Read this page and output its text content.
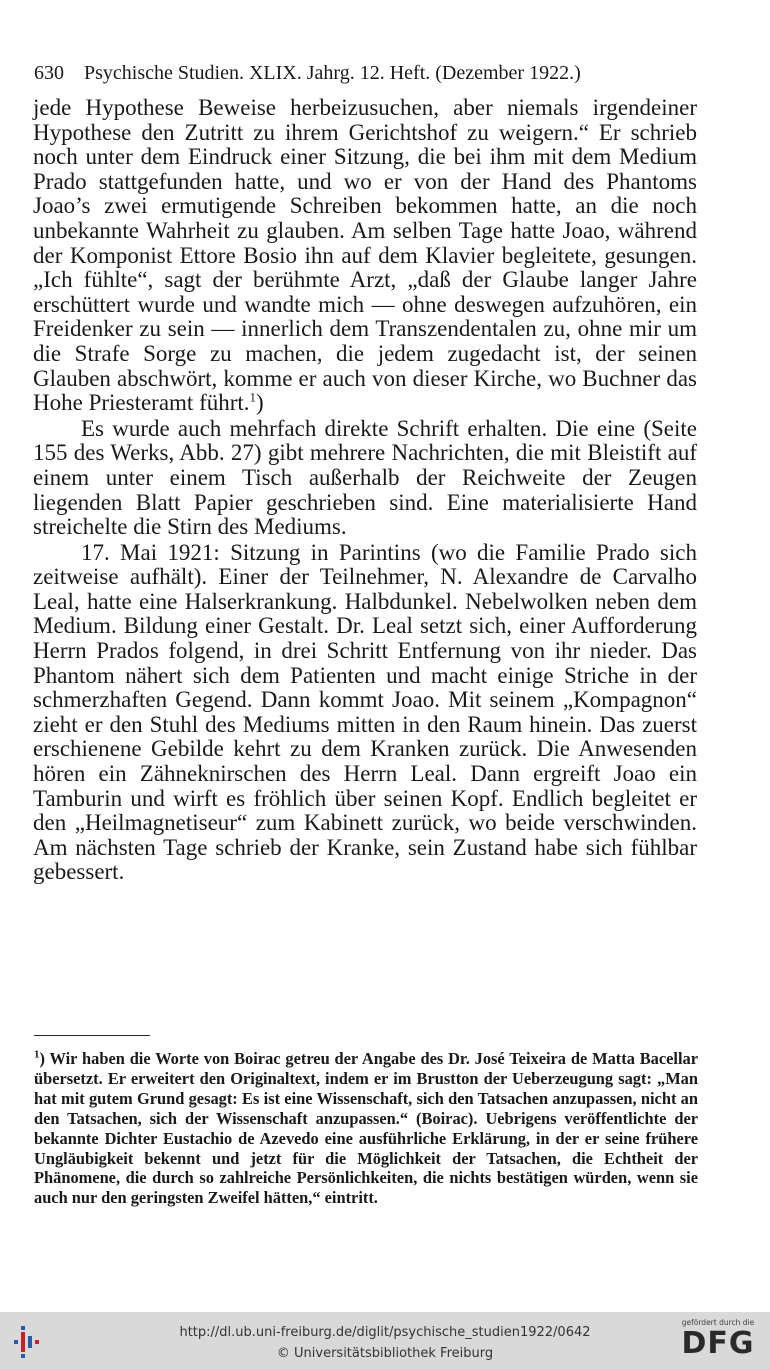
630 Psychische Studien. XLIX. Jahrg. 12. Heft. (Dezember 1922.)

jede Hypothese Beweise herbeizusuchen, aber niemals irgendeiner Hypothese den Zutritt zu ihrem Gerichtshof zu weigern.“ Er schrieb noch unter dem Eindruck einer Sitzung, die bei ihm mit dem Medium Prado stattgefunden hatte, und wo er von der Hand des Phantoms Joao’s zwei ermutigende Schreiben bekommen hatte, an die noch unbekannte Wahrheit zu glauben. Am selben Tage hatte Joao, während der Komponist Ettore Bosio ihn auf dem Klavier begleitete, gesungen. „Ich fühlte“, sagt der berühmte Arzt, „daß der Glaube langer Jahre erschüttert wurde und wandte mich — ohne deswegen aufzuhören, ein Freidenker zu sein — innerlich dem Transzendentalen zu, ohne mir um die Strafe Sorge zu machen, die jedem zugedacht ist, der seinen Glauben abschwört, komme er auch von dieser Kirche, wo Buchner das Hohe Priesteramt führt.$^1$)

Es wurde auch mehrfach direkte Schrift erhalten. Die eine (Seite 155 des Werks, Abb. 27) gibt mehrere Nachrichten, die mit Bleistift auf einem unter einem Tisch außerhalb der Reichweite der Zeugen liegenden Blatt Papier geschrieben sind. Eine materialisierte Hand streichelte die Stirn des Mediums.

17. Mai 1921: Sitzung in Parintins (wo die Familie Prado sich zeitweise aufhält). Einer der Teilnehmer, N. Alexandre de Carvalho Leal, hatte eine Halserkrankung. Halbdunkel. Nebelwolken neben dem Medium. Bildung einer Gestalt. Dr. Leal setzt sich, einer Aufforderung Herrn Prados folgend, in drei Schritt Entfernung von ihr nieder. Das Phantom nähert sich dem Patienten und macht einige Striche in der schmerzhaften Gegend. Dann kommt Joao. Mit seinem „Kompagnon“ zieht er den Stuhl des Mediums mitten in den Raum hinein. Das zuerst erschienene Gebilde kehrt zu dem Kranken zurück. Die Anwesenden hören ein Zähneknirschen des Herrn Leal. Dann ergreift Joao ein Tamburin und wirft es fröhlich über seinen Kopf. Endlich begleitet er den „Heilmagnetiseur“ zum Kabinett zurück, wo beide verschwinden. Am nächsten Tage schrieb der Kranke, sein Zustand habe sich fühlbar gebessert.

$^1$) Wir haben die Worte von Boirac getreu der Angabe des Dr. José Teixeira de Matta Bacellar übersetzt. Er erweitert den Originaltext, indem er im Brustton der Ueberzeugung sagt: „Man hat mit gutem Grund gesagt: Es ist eine Wissenschaft, sich den Tatsachen anzupassen, nicht an den Tatsachen, sich der Wissenschaft anzupassen.“ (Boirac). Uebrigens veröffentlichte der bekannte Dichter Eustachio de Azevedo eine ausführliche Erklärung, in der er seine frühere Ungläubigkeit bekennt und jetzt für die Möglichkeit der Tatsachen, die Echtheit der Phänomene, die durch so zahlreiche Persönlichkeiten, die nichts bestätigen würden, wenn sie auch nur den geringsten Zweifel hätten,“ eintritt.
http://dl.ub.uni-freiburg.de/diglit/psychische_studien1922/0642
© Universitätsbibliothek Freiburg
gefördert durch die
DFG
